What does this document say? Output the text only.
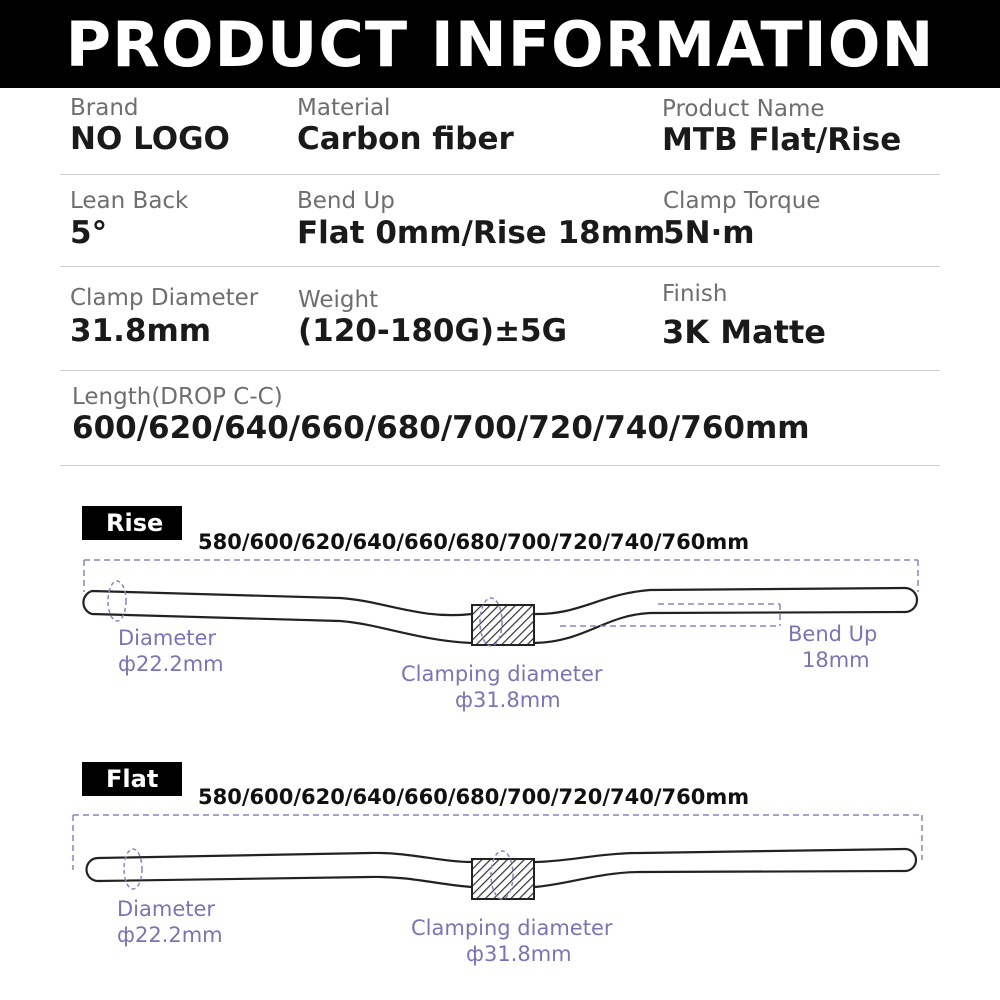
PRODUCT INFORMATION
Brand
NO LOGO
Material
Carbon fiber
Product Name
MTB Flat/Rise
Lean Back
5°
Bend Up
Flat 0mm/Rise 18mm
Clamp Torque
5N·m
Clamp Diameter
31.8mm
Weight
(120-180G)±5G
Finish
3K Matte
Length(DROP C-C)
600/620/640/660/680/700/720/740/760mm
Rise
580/600/620/640/660/680/700/720/740/760mm
Diameter
ф22.2mm	Clamping diameter
ф31.8mm
Bend Up
18mm
Flat
580/600/620/640/660/680/700/720/740/760mm
Diameter
ф22.2mm	Clamping diameter
ф31.8mm
